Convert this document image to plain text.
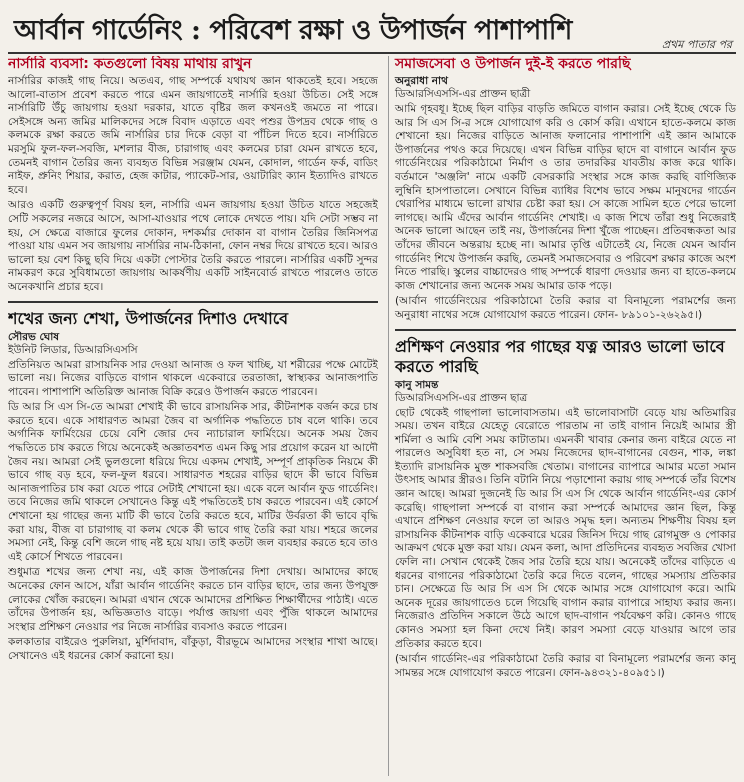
আর্বান গার্ডেনিং : পরিবেশ রক্ষা ও উপার্জন পাশাপাশি	প্রথম পাতার পর
নার্সারি ব্যবসা: কতগুলো বিষয় মাথায় রাখুন

নার্সারির কাজই গাছ নিয়ে। অতএব, গাছ সম্পর্কে যথাযথ জ্ঞান থাকতেই হবে। সহজে আলো-বাতাস প্রবেশ করতে পারে এমন জায়গাতেই নার্সারি হওয়া উচিত। সেই সঙ্গে নার্সারিটি উঁচু জায়গায় হওয়া দরকার, যাতে বৃষ্টির জল কখনওই জমতে না পারে। সেইসঙ্গে অন্য জমির মালিকদের সঙ্গে বিবাদ এড়াতে এবং পশুর উপদ্রব থেকে গাছ ও কলমকে রক্ষা করতে জমি নার্সারির চার দিকে বেড়া বা পাঁচিল দিতে হবে। নার্সারিতে মরসুমি ফুল-ফল-সবজি, মশলার বীজ, চারাগাছ এবং কলমের চারা যেমন রাখতে হবে, তেমনই বাগান তৈরির জন্য ব্যবহৃত বিভিন্ন সরঞ্জাম যেমন, কোদাল, গার্ডেন ফর্ক, বাডিং নাইফ, প্রুনিং শিয়ার, করাত, হেজ কাটার, প্যাকেট-সার, ওয়াটারিং ক্যান ইত্যাদিও রাখতে হবে।

আরও একটি গুরুত্বপূর্ণ বিষয় হল, নার্সারি এমন জায়গায় হওয়া উচিত যাতে সহজেই সেটি সকলের নজরে আসে, আসা-যাওয়ার পথে লোকে দেখতে পায়। যদি সেটা সম্ভব না হয়, সে ক্ষেত্রে বাজারে ফুলের দোকান, দশকর্মার দোকান বা বাগান তৈরির জিনিসপত্র পাওয়া যায় এমন সব জায়গায় নার্সারির নাম-ঠিকানা, ফোন নম্বর দিয়ে রাখতে হবে। আরও ভালো হয় বেশ কিছু ছবি দিয়ে একটা পোস্টার তৈরি করতে পারলে। নার্সারির একটি সুন্দর নামকরণ করে সুবিধামতো জায়গায় আকর্ষণীয় একটি সাইনবোর্ড রাখতে পারলেও তাতে অনেকখানি প্রচার হবে।

শখের জন্য শেখা, উপার্জনের দিশাও দেখাবে
সৌরভ ঘোষ
ইউনিট লিডার, ডিআরসিএসসি

প্রতিনিয়ত আমরা রাসায়নিক সার দেওয়া আনাজ ও ফল খাচ্ছি, যা শরীরের পক্ষে মোটেই ভালো নয়। নিজের বাড়িতে বাগান থাকলে একেবারে তরতাজা, স্বাস্থ্যকর আনাজপাতি পাবেন। পাশাপাশি অতিরিক্ত আনাজ বিক্রি করেও উপার্জন করতে পারবেন।

ডি আর সি এস সি-তে আমরা শেখাই কী ভাবে রাসায়নিক সার, কীটনাশক বর্জন করে চাষ করতে হবে। একে সাধারণত আমরা জৈব বা অর্গানিক পদ্ধতিতে চাষ বলে থাকি। তবে অর্গানিক ফার্মিংয়ের চেয়ে বেশি জোর দেব ন্যাচারাল ফার্মিংয়ে। অনেক সময় জৈব পদ্ধতিতে চাষ করতে গিয়ে অনেকেই অজ্ঞাতবশত এমন কিছু সার প্রয়োগ করেন যা আদৌ জৈব নয়। আমরা সেই ভুলগুলো ধরিয়ে দিয়ে একদম শেখাই, সম্পূর্ণ প্রাকৃতিক নিয়মে কী ভাবে গাছ বড় হবে, ফল-ফুল ধরবে। সাধারণত শহরের বাড়ির ছাদে কী ভাবে বিভিন্ন আনাজপাতির চাষ করা যেতে পারে সেটাই শেখানো হয়। একে বলে আর্বান ফুড গার্ডেনিং। তবে নিজের জমি থাকলে সেখানেও কিন্তু এই পদ্ধতিতেই চাষ করতে পারবেন। এই কোর্সে শেখানো হয় গাছের জন্য মাটি কী ভাবে তৈরি করতে হবে, মাটির উর্বরতা কী ভাবে বৃদ্ধি করা যায়, বীজ বা চারাগাছ বা কলম থেকে কী ভাবে গাছ তৈরি করা যায়। শহরে জলের সমস্যা নেই, কিন্তু বেশি জলে গাছ নষ্ট হয়ে যায়। তাই কতটা জল ব্যবহার করতে হবে তাও এই কোর্সে শিখতে পারবেন।

শুধুমাত্র শখের জন্য শেখা নয়, এই কাজ উপার্জনের দিশা দেখায়। আমাদের কাছে অনেকের ফোন আসে, যাঁরা আর্বান গার্ডেনিং করতে চান বাড়ির ছাদে, তার জন্য উপযুক্ত লোকের খোঁজ করছেন। আমরা এখান থেকে আমাদের প্রশিক্ষিত শিক্ষার্থীদের পাঠাই। এতে তাঁদের উপার্জন হয়, অভিজ্ঞতাও বাড়ে। পর্যাপ্ত জায়গা এবং পুঁজি থাকলে আমাদের সংস্থার প্রশিক্ষণ নেওয়ার পর নিজে নার্সারির ব্যবসাও করতে পারেন।

কলকাতার বাইরেও পুরুলিয়া, মুর্শিদাবাদ, বাঁকুড়া, বীরভূমে আমাদের সংস্থার শাখা আছে। সেখানেও এই ধরনের কোর্স করানো হয়।

সমাজসেবা ও উপার্জন দুই-ই করতে পারছি
অনুরাধা নাথ
ডিআরসিএসসি-এর প্রাক্তন ছাত্রী

আমি গৃহবধূ। ইচ্ছে ছিল বাড়ির বাড়তি জমিতে বাগান করার। সেই ইচ্ছে থেকে ডি আর সি এস সি-র সঙ্গে যোগাযোগ করি ও কোর্স করি। এখানে হাতে-কলমে কাজ শেখানো হয়। নিজের বাড়িতে আনাজ ফলানোর পাশাপাশি এই জ্ঞান আমাকে উপার্জনের পথও করে দিয়েছে। এখন বিভিন্ন বাড়ির ছাদে বা বাগানে আর্বান ফুড গার্ডেনিংয়ের পরিকাঠামো নির্মাণ ও তার তদারকির যাবতীয় কাজ করে থাকি। বর্তমানে 'অঞ্জলি' নামে একটি বেসরকারি সংস্থার সঙ্গে কাজ করছি বাণিজ্যিক লুম্বিনি হাসপাতালে। সেখানে বিভিন্ন ব্যাধির বিশেষ ভাবে সক্ষম মানুষদের গার্ডেন থেরাপির মাধ্যমে ভালো রাখার চেষ্টা করা হয়। সে কাজে সামিল হতে পেরে ভালো লাগছে। আমি এঁদের আর্বান গার্ডেনিং শেখাই। এ কাজ শিখে তাঁরা শুধু নিজেরাই অনেক ভালো আছেন তাই নয়, উপার্জনের দিশা খুঁজে পাচ্ছেন। প্রতিবন্ধকতা আর তাঁদের জীবনে অন্তরায় হচ্ছে না। আমার তৃপ্তি এটাতেই যে, নিজে যেমন আর্বান গার্ডেনিং শিখে উপার্জন করছি, তেমনই সমাজসেবার ও পরিবেশ রক্ষার কাজে অংশ নিতে পারছি। স্কুলের বাচ্চাদেরও গাছ সম্পর্কে ধারণা দেওয়ার জন্য বা হাতে-কলমে কাজ শেখানোর জন্য অনেক সময় আমার ডাক পড়ে।

(আর্বান গার্ডেনিংয়ের পরিকাঠামো তৈরি করার বা বিনামূল্যে পরামর্শের জন্য অনুরাধা নাথের সঙ্গে যোগাযোগ করতে পারেন। ফোন- ৮৯১০১-২৬২৯৫।)

প্রশিক্ষণ নেওয়ার পর গাছের যত্ন আরও ভালো ভাবে করতে পারছি
কানু সামন্ত
ডিআরসিএসসি-এর প্রাক্তন ছাত্র

ছোট থেকেই গাছপালা ভালোবাসতাম। এই ভালোবাসাটা বেড়ে যায় অতিমারির সময়। তখন বাইরে যেহেতু বেরোতে পারতাম না তাই বাগান নিয়েই আমার স্ত্রী শর্মিলা ও আমি বেশি সময় কাটাতাম। এমনকী খাবার কেনার জন্য বাইরে যেতে না পারলেও অসুবিধা হত না, সে সময় নিজেদের ছাদ-বাগানের বেগুন, শাক, লঙ্কা ইত্যাদি রাসায়নিক মুক্ত শাকসবজি খেতাম। বাগানের ব্যাপারে আমার মতো সমান উৎসাহ আমার স্ত্রীরও। তিনি বটানি নিয়ে পড়াশোনা করায় গাছ সম্পর্কে তাঁর বিশেষ জ্ঞান আছে। আমরা দুজনেই ডি আর সি এস সি থেকে আর্বান গার্ডেনিং-এর কোর্স করেছি। গাছপালা সম্পর্কে বা বাগান করা সম্পর্কে আমাদের জ্ঞান ছিল, কিন্তু এখানে প্রশিক্ষণ নেওয়ার ফলে তা আরও সমৃদ্ধ হল। অন্যতম শিক্ষণীয় বিষয় হল রাসায়নিক কীটনাশক বাড়ি একেবারে ঘরের জিনিস দিয়ে গাছ রোগমুক্ত ও পোকার আক্রমণ থেকে মুক্ত করা যায়। যেমন কলা, আদা প্রতিদিনের ব্যবহৃত সবজির খোসা ফেলি না। সেখান থেকেই জৈব সার তৈরি হয়ে যায়। অনেকেই তাঁদের বাড়িতে এ ধরনের বাগানের পরিকাঠামো তৈরি করে দিতে বলেন, গাছের সমস্যায় প্রতিকার চান। সেক্ষেত্রে ডি আর সি এস সি থেকে আমার সঙ্গে যোগাযোগ করে। আমি অনেক দূরের জায়গাতেও চলে গিয়েছি বাগান করার ব্যাপারে সাহায্য করার জন্য। নিজেরাও প্রতিদিন সকালে উঠে আগে ছাদ-বাগান পর্যবেক্ষণ করি। কোনও গাছে কোনও সমস্যা হল কিনা দেখে নিই। কারণ সমস্যা বেড়ে যাওয়ার আগে তার প্রতিকার করতে হবে।

(আর্বান গার্ডেনিং-এর পরিকাঠামো তৈরি করার বা বিনামূল্যে পরামর্শের জন্য কানু সামন্তর সঙ্গে যোগাযোগ করতে পারেন। ফোন-৯৪৩২১-৪০৯৫১।)
